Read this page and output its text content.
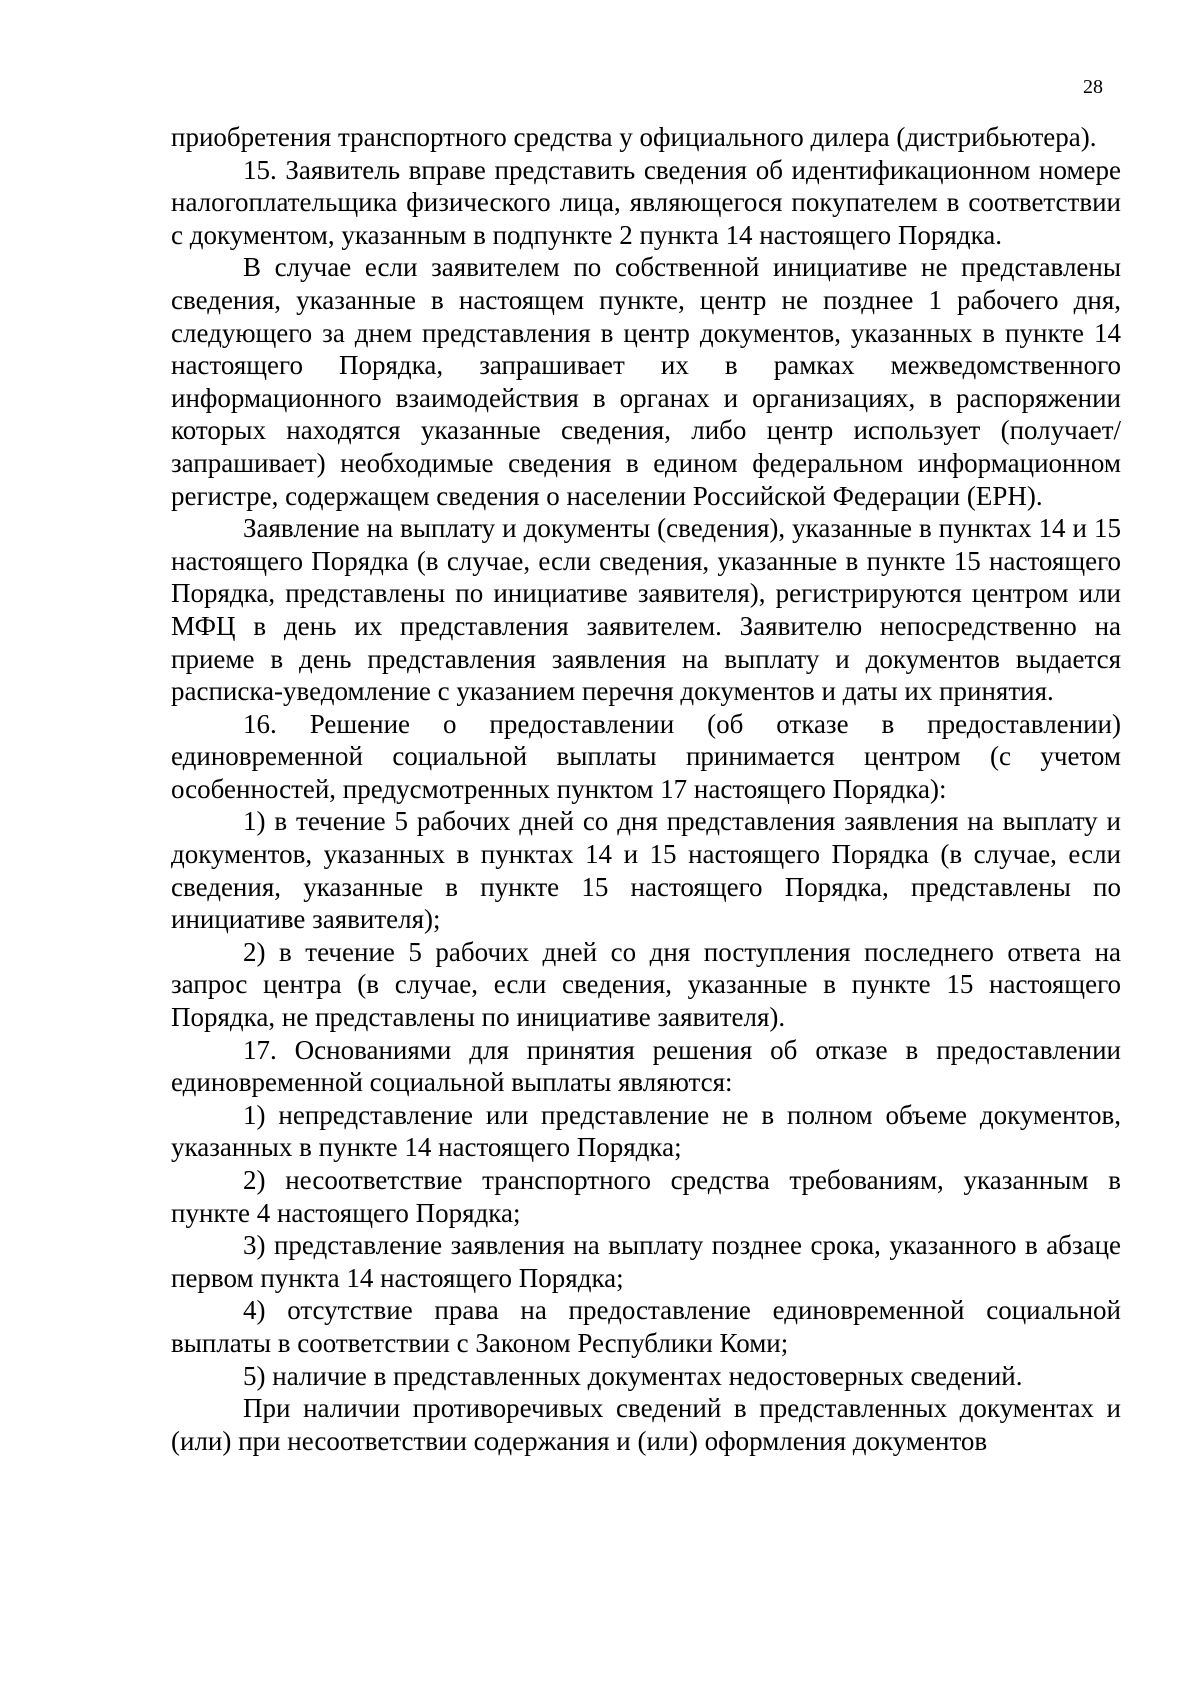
28

приобретения транспортного средства у официального дилера (дистрибьютера).

15. Заявитель вправе представить сведения об идентификационном номере налогоплательщика физического лица, являющегося покупателем в соответствии с документом, указанным в подпункте 2 пункта 14 настоящего Порядка.

В случае если заявителем по собственной инициативе не представлены сведения, указанные в настоящем пункте, центр не позднее 1 рабочего дня, следующего за днем представления в центр документов, указанных в пункте 14 настоящего Порядка, запрашивает их в рамках межведомственного информационного взаимодействия в органах и организациях, в распоряжении которых находятся указанные сведения, либо центр использует (получает/запрашивает) необходимые сведения в едином федеральном информационном регистре, содержащем сведения о населении Российской Федерации (ЕРН).

Заявление на выплату и документы (сведения), указанные в пунктах 14 и 15 настоящего Порядка (в случае, если сведения, указанные в пункте 15 настоящего Порядка, представлены по инициативе заявителя), регистрируются центром или МФЦ в день их представления заявителем. Заявителю непосредственно на приеме в день представления заявления на выплату и документов выдается расписка-уведомление с указанием перечня документов и даты их принятия.

16. Решение о предоставлении (об отказе в предоставлении) единовременной социальной выплаты принимается центром (с учетом особенностей, предусмотренных пунктом 17 настоящего Порядка):

1) в течение 5 рабочих дней со дня представления заявления на выплату и документов, указанных в пунктах 14 и 15 настоящего Порядка (в случае, если сведения, указанные в пункте 15 настоящего Порядка, представлены по инициативе заявителя);

2) в течение 5 рабочих дней со дня поступления последнего ответа на запрос центра (в случае, если сведения, указанные в пункте 15 настоящего Порядка, не представлены по инициативе заявителя).

17. Основаниями для принятия решения об отказе в предоставлении единовременной социальной выплаты являются:

1) непредставление или представление не в полном объеме документов, указанных в пункте 14 настоящего Порядка;

2) несоответствие транспортного средства требованиям, указанным в пункте 4 настоящего Порядка;

3) представление заявления на выплату позднее срока, указанного в абзаце первом пункта 14 настоящего Порядка;

4) отсутствие права на предоставление единовременной социальной выплаты в соответствии с Законом Республики Коми;

5) наличие в представленных документах недостоверных сведений.

При наличии противоречивых сведений в представленных документах и (или) при несоответствии содержания и (или) оформления документов
